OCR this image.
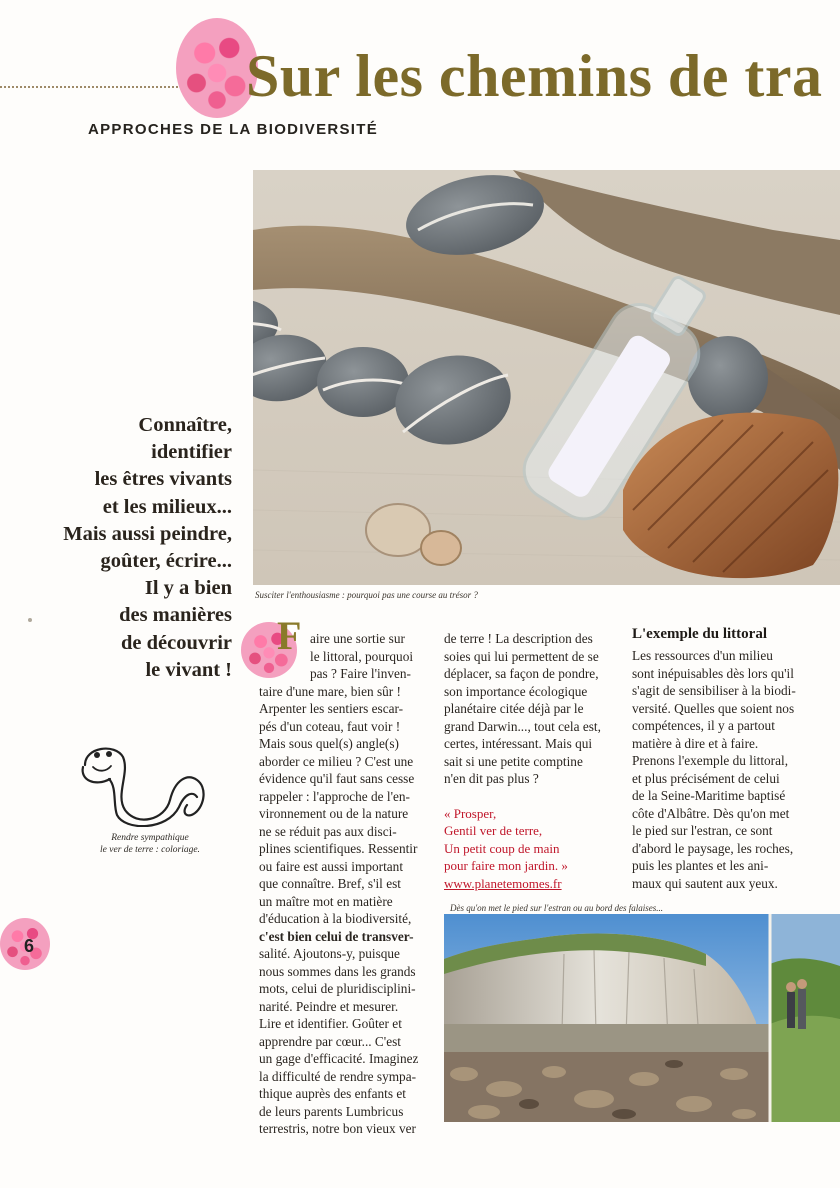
Sur les chemins de tra
APPROCHES DE LA BIODIVERSITÉ
Susciter l'enthousiasme : pourquoi pas une course au trésor ?
Connaître,
identifier
les êtres vivants
et les milieux...
Mais aussi peindre,
goûter, écrire...
Il y a bien
des manières
de découvrir
le vivant !
Rendre sympathique
le ver de terre : coloriage.
6
F aire une sortie sur
le littoral, pourquoi
pas ? Faire l'inven-
taire d'une mare, bien sûr !
Arpenter les sentiers escar-
pés d'un coteau, faut voir !
Mais sous quel(s) angle(s)
aborder ce milieu ? C'est une
évidence qu'il faut sans cesse
rappeler : l'approche de l'en-
vironnement ou de la nature
ne se réduit pas aux disci-
plines scientifiques. Ressentir
ou faire est aussi important
que connaître. Bref, s'il est
un maître mot en matière
d'éducation à la biodiversité,
c'est bien celui de transver-
salité. Ajoutons-y, puisque
nous sommes dans les grands
mots, celui de pluridisciplini-
narité. Peindre et mesurer.
Lire et identifier. Goûter et
apprendre par cœur... C'est
un gage d'efficacité. Imaginez
la difficulté de rendre sympa-
thique auprès des enfants et
de leurs parents Lumbricus
terrestris, notre bon vieux ver
de terre ! La description des
soies qui lui permettent de se
déplacer, sa façon de pondre,
son importance écologique
planétaire citée déjà par le
grand Darwin..., tout cela est,
certes, intéressant. Mais qui
sait si une petite comptine
n'en dit pas plus ?
« Prosper,
Gentil ver de terre,
Un petit coup de main
pour faire mon jardin. »
www.planetemomes.fr
L'exemple du littoral
Les ressources d'un milieu
sont inépuisables dès lors qu'il
s'agit de sensibiliser à la biodi-
versité. Quelles que soient nos
compétences, il y a partout
matière à dire et à faire.
Prenons l'exemple du littoral,
et plus précisément de celui
de la Seine-Maritime baptisé
côte d'Albâtre. Dès qu'on met
le pied sur l'estran, ce sont
d'abord le paysage, les roches,
puis les plantes et les ani-
maux qui sautent aux yeux.
Dès qu'on met le pied sur l'estran ou au bord des falaises...
